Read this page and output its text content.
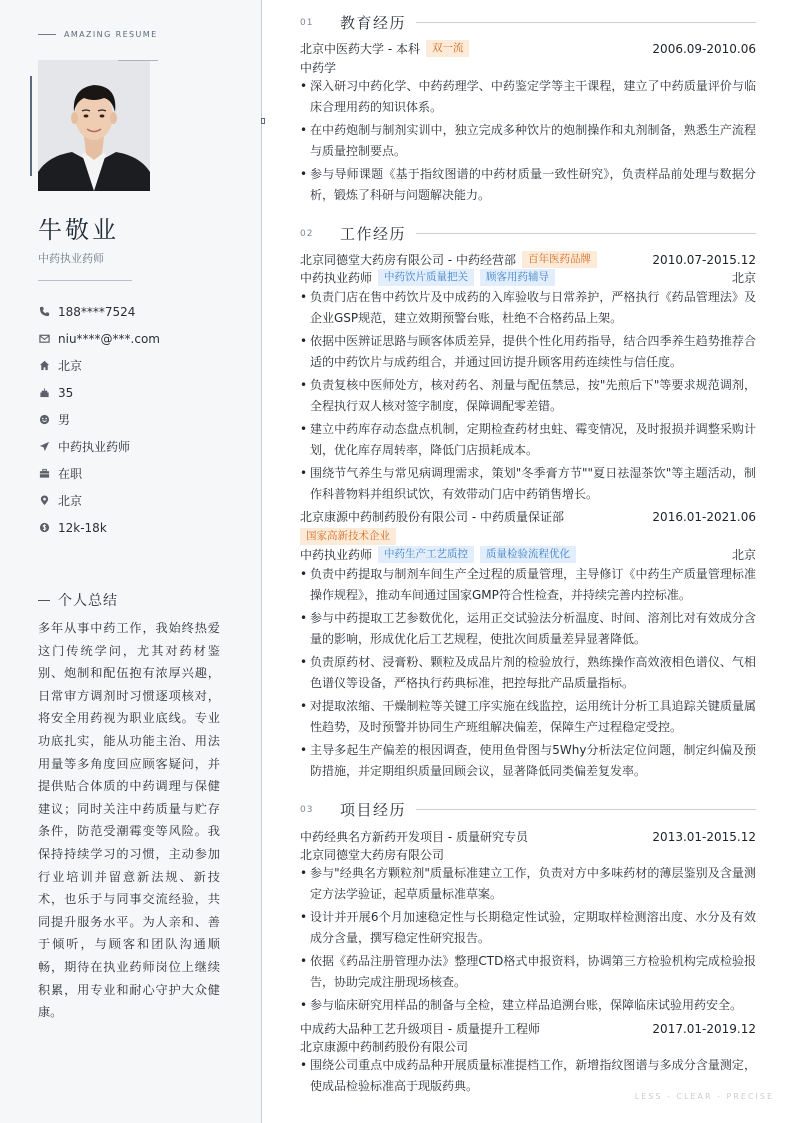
AMAZING RESUME
牛敬业
中药执业药师
188****7524
niu****@***.com
北京
35
男
中药执业药师
在职
北京
12k-18k
个人总结

多年从事中药工作，我始终热爱这门传统学问，尤其对药材鉴别、炮制和配伍抱有浓厚兴趣，日常审方调剂时习惯逐项核对，将安全用药视为职业底线。专业功底扎实，能从功能主治、用法用量等多角度回应顾客疑问，并提供贴合体质的中药调理与保健建议；同时关注中药质量与贮存条件，防范受潮霉变等风险。我保持持续学习的习惯，主动参加行业培训并留意新法规、新技术，也乐于与同事交流经验，共同提升服务水平。为人亲和、善于倾听，与顾客和团队沟通顺畅，期待在执业药师岗位上继续积累，用专业和耐心守护大众健康。

01	教育经历
北京中医药大学 - 本科	双一流	2006.09-2010.06
中药学
• 深入研习中药化学、中药药理学、中药鉴定学等主干课程，建立了中药质量评价与临床合理用药的知识体系。
• 在中药炮制与制剂实训中，独立完成多种饮片的炮制操作和丸剂制备，熟悉生产流程与质量控制要点。
• 参与导师课题《基于指纹图谱的中药材质量一致性研究》，负责样品前处理与数据分析，锻炼了科研与问题解决能力。
02	工作经历
北京同德堂大药房有限公司 - 中药经营部	百年医药品牌	2010.07-2015.12
中药执业药师	中药饮片质量把关	顾客用药辅导	北京
• 负责门店在售中药饮片及中成药的入库验收与日常养护，严格执行《药品管理法》及企业GSP规范，建立效期预警台账，杜绝不合格药品上架。
• 依据中医辨证思路与顾客体质差异，提供个性化用药指导，结合四季养生趋势推荐合适的中药饮片与成药组合，并通过回访提升顾客用药连续性与信任度。
• 负责复核中医师处方，核对药名、剂量与配伍禁忌，按"先煎后下"等要求规范调剂，全程执行双人核对签字制度，保障调配零差错。
• 建立中药库存动态盘点机制，定期检查药材虫蛀、霉变情况，及时报损并调整采购计划，优化库存周转率，降低门店损耗成本。
• 围绕节气养生与常见病调理需求，策划"冬季膏方节""夏日祛湿茶饮"等主题活动，制作科普物料并组织试饮，有效带动门店中药销售增长。
北京康源中药制药股份有限公司 - 中药质量保证部	2016.01-2021.06
国家高新技术企业
中药执业药师	中药生产工艺质控	质量检验流程优化	北京
• 负责中药提取与制剂车间生产全过程的质量管理，主导修订《中药生产质量管理标准操作规程》，推动车间通过国家GMP符合性检查，并持续完善内控标准。
• 参与中药提取工艺参数优化，运用正交试验法分析温度、时间、溶剂比对有效成分含量的影响，形成优化后工艺规程，使批次间质量差异显著降低。
• 负责原药材、浸膏粉、颗粒及成品片剂的检验放行，熟练操作高效液相色谱仪、气相色谱仪等设备，严格执行药典标准，把控每批产品质量指标。
• 对提取浓缩、干燥制粒等关键工序实施在线监控，运用统计分析工具追踪关键质量属性趋势，及时预警并协同生产班组解决偏差，保障生产过程稳定受控。
• 主导多起生产偏差的根因调查，使用鱼骨图与5Why分析法定位问题，制定纠偏及预防措施，并定期组织质量回顾会议，显著降低同类偏差复发率。
03	项目经历
中药经典名方新药开发项目 - 质量研究专员	2013.01-2015.12
北京同德堂大药房有限公司
• 参与"经典名方颗粒剂"质量标准建立工作，负责对方中多味药材的薄层鉴别及含量测定方法学验证，起草质量标准草案。
• 设计并开展6个月加速稳定性与长期稳定性试验，定期取样检测溶出度、水分及有效成分含量，撰写稳定性研究报告。
• 依据《药品注册管理办法》整理CTD格式申报资料，协调第三方检验机构完成检验报告，协助完成注册现场核查。
• 参与临床研究用样品的制备与全检，建立样品追溯台账，保障临床试验用药安全。
中成药大品种工艺升级项目 - 质量提升工程师	2017.01-2019.12
北京康源中药制药股份有限公司
• 围绕公司重点中成药品种开展质量标准提档工作，新增指纹图谱与多成分含量测定，使成品检验标准高于现版药典。
LESS - CLEAR - PRECISE
